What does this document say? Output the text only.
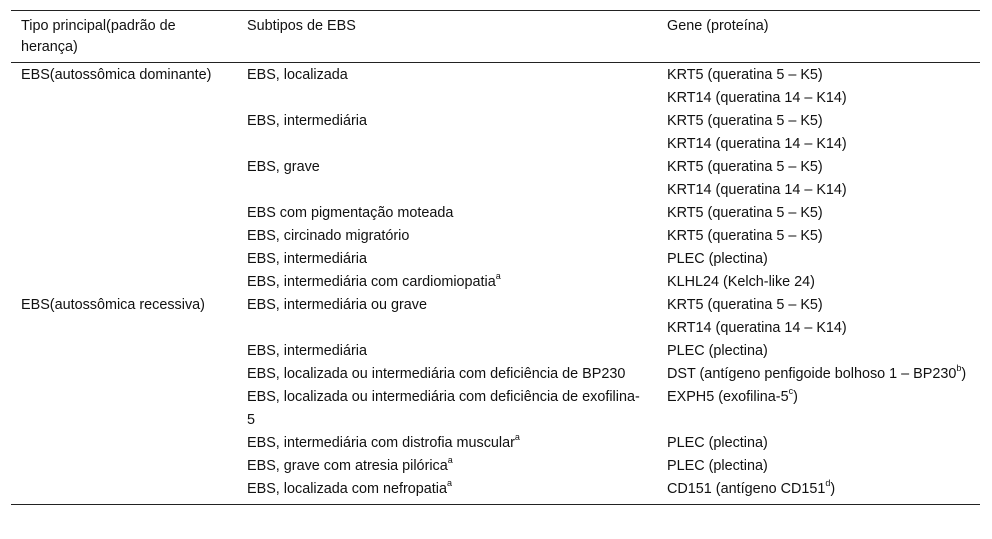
Tipo principal(padrão de herança)	Subtipos de EBS	Gene (proteína)
EBS(autossômica dominante)	EBS, localizada	KRT5 (queratina 5 – K5)
		KRT14 (queratina 14 – K14)
	EBS, intermediária	KRT5 (queratina 5 – K5)
		KRT14 (queratina 14 – K14)
	EBS, grave	KRT5 (queratina 5 – K5)
		KRT14 (queratina 14 – K14)
	EBS com pigmentação moteada	KRT5 (queratina 5 – K5)
	EBS, circinado migratório	KRT5 (queratina 5 – K5)
	EBS, intermediária	PLEC (plectina)
	EBS, intermediária com cardiomiopatia$^a$	KLHL24 (Kelch-like 24)
EBS(autossômica recessiva)	EBS, intermediária ou grave	KRT5 (queratina 5 – K5)
		KRT14 (queratina 14 – K14)
	EBS, intermediária	PLEC (plectina)
	EBS, localizada ou intermediária com deficiência de BP230	DST (antígeno penfigoide bolhoso 1 – BP230$^b$)
	EBS, localizada ou intermediária com deficiência de exofilina-5	EXPH5 (exofilina-5$^c$)
	EBS, intermediária com distrofia muscular$^a$	PLEC (plectina)
	EBS, grave com atresia pilórica$^a$	PLEC (plectina)
	EBS, localizada com nefropatia$^a$	CD151 (antígeno CD151$^d$)
